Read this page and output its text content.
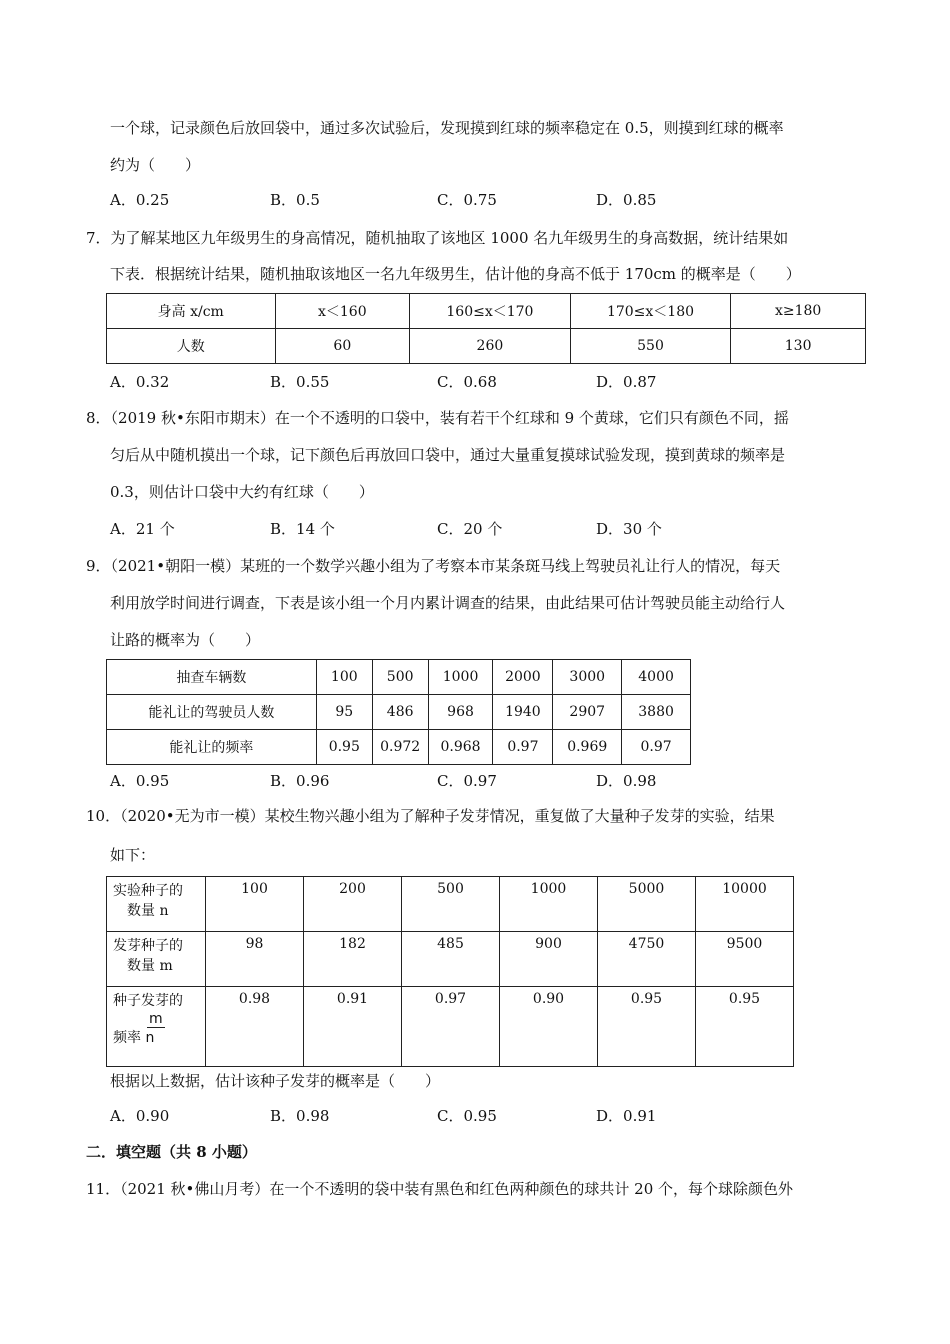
一个球，记录颜色后放回袋中，通过多次试验后，发现摸到红球的频率稳定在 0.5，则摸到红球的概率
约为（　　）
A．0.25	B．0.5	C．0.75	D．0.85
7．为了解某地区九年级男生的身高情况，随机抽取了该地区 1000 名九年级男生的身高数据，统计结果如
下表．根据统计结果，随机抽取该地区一名九年级男生，估计他的身高不低于 170cm 的概率是（　　）
身高 x/cm	x＜160	160≤x＜170	170≤x＜180	x≥180
人数	60	260	550	130
A．0.32	B．0.55	C．0.68	D．0.87
8．（2019 秋•东阳市期末）在一个不透明的口袋中，装有若干个红球和 9 个黄球，它们只有颜色不同，摇
匀后从中随机摸出一个球，记下颜色后再放回口袋中，通过大量重复摸球试验发现，摸到黄球的频率是
0.3，则估计口袋中大约有红球（　　）
A．21 个	B．14 个	C．20 个	D．30 个
9．（2021•朝阳一模）某班的一个数学兴趣小组为了考察本市某条斑马线上驾驶员礼让行人的情况，每天
利用放学时间进行调查，下表是该小组一个月内累计调查的结果，由此结果可估计驾驶员能主动给行人
让路的概率为（　　）
抽查车辆数	100	500	1000	2000	3000	4000
能礼让的驾驶员人数	95	486	968	1940	2907	3880
能礼让的频率	0.95	0.972	0.968	0.97	0.969	0.97
A．0.95	B．0.96	C．0.97	D．0.98
10．（2020•无为市一模）某校生物兴趣小组为了解种子发芽情况，重复做了大量种子发芽的实验，结果
如下：
实验种子的
数量 n	100	200	500	1000	5000	10000

发芽种子的
数量 m	98	182	485	900	4750	9500

种子发芽的
m
频率 n	0.98	0.91	0.97	0.90	0.95	0.95
根据以上数据，估计该种子发芽的概率是（　　）
A．0.90	B．0.98	C．0.95	D．0.91
二．填空题（共 8 小题）
11．（2021 秋•佛山月考）在一个不透明的袋中装有黑色和红色两种颜色的球共计 20 个，每个球除颜色外
